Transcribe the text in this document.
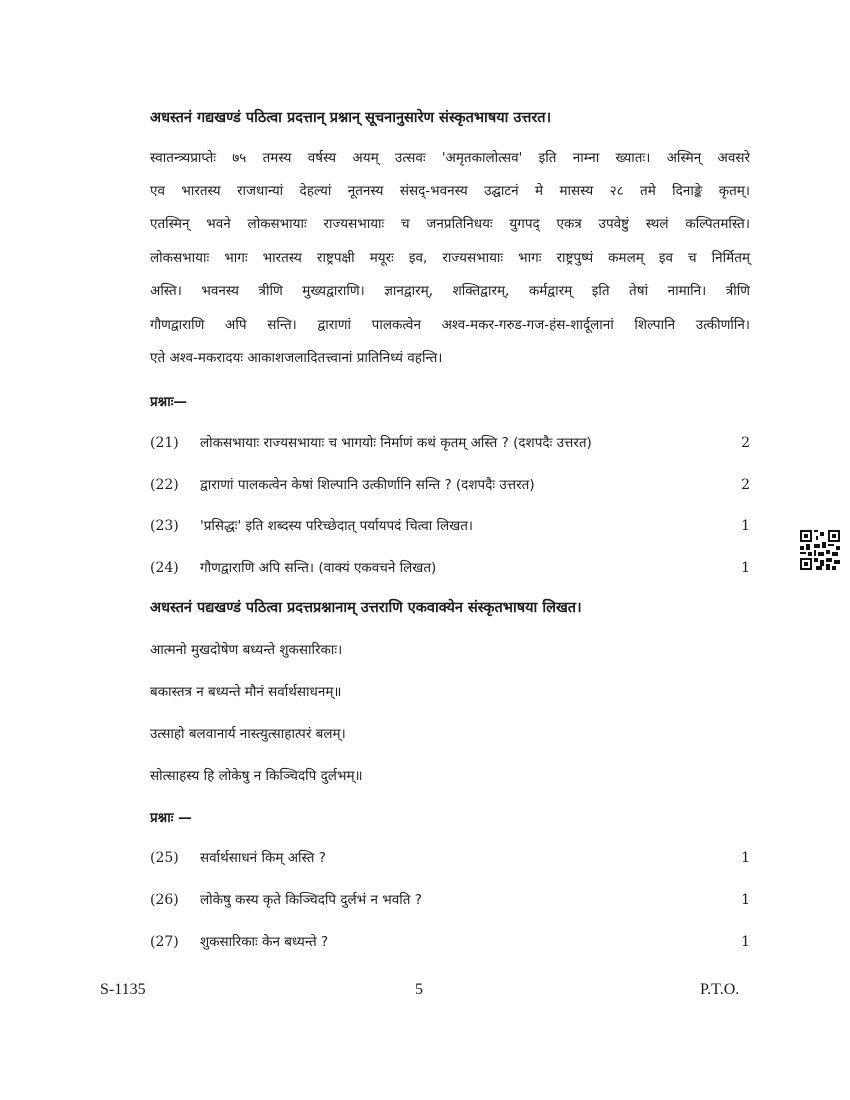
अधस्तनं गद्यखण्डं पठित्वा प्रदत्तान् प्रश्नान् सूचनानुसारेण संस्कृतभाषया उत्तरत।
स्वातन्त्र्यप्राप्तेः ७५ तमस्य वर्षस्य अयम् उत्सवः 'अमृतकालोत्सव' इति नाम्ना ख्यातः। अस्मिन् अवसरे
एव भारतस्य राजधान्यां देहल्यां नूतनस्य संसद्-भवनस्य उद्घाटनं मे मासस्य २८ तमे दिनाङ्के कृतम्।
एतस्मिन् भवने लोकसभायाः राज्यसभायाः च जनप्रतिनिधयः युगपद् एकत्र उपवेष्टुं स्थलं कल्पितमस्ति।
लोकसभायाः भागः भारतस्य राष्ट्रपक्षी मयूरः इव, राज्यसभायाः भागः राष्ट्रपुष्पं कमलम् इव च निर्मितम्
अस्ति। भवनस्य त्रीणि मुख्यद्वाराणि। ज्ञानद्वारम्, शक्तिद्वारम्, कर्मद्वारम् इति तेषां नामानि। त्रीणि
गौणद्वाराणि अपि सन्ति। द्वाराणां पालकत्वेन अश्व-मकर-गरुड-गज-हंस-शार्दूलानां शिल्पानि उत्कीर्णानि।
एते अश्व-मकरादयः आकाशजलादितत्त्वानां प्रातिनिध्यं वहन्ति।
प्रश्नाः—
(21) लोकसभायाः राज्यसभायाः च भागयोः निर्माणं कथं कृतम् अस्ति ? (दशपदैः उत्तरत)	2
(22) द्वाराणां पालकत्वेन केषां शिल्पानि उत्कीर्णानि सन्ति ? (दशपदैः उत्तरत)	2
(23) 'प्रसिद्धः' इति शब्दस्य परिच्छेदात् पर्यायपदं चित्वा लिखत।	1
(24) गौणद्वाराणि अपि सन्ति। (वाक्यं एकवचने लिखत)	1
अधस्तनं पद्यखण्डं पठित्वा प्रदत्तप्रश्नानाम् उत्तराणि एकवाक्येन संस्कृतभाषया लिखत।
आत्मनो मुखदोषेण बध्यन्ते शुकसारिकाः।
बकास्तत्र न बध्यन्ते मौनं सर्वार्थसाधनम्॥
उत्साहो बलवानार्य नास्त्युत्साहात्परं बलम्।
सोत्साहस्य हि लोकेषु न किञ्चिदपि दुर्लभम्॥
प्रश्नाः —
(25) सर्वार्थसाधनं किम् अस्ति ?	1
(26) लोकेषु कस्य कृते किञ्चिदपि दुर्लभं न भवति ?	1
(27) शुकसारिकाः केन बध्यन्ते ?	1
S-1135	5	P.T.O.
